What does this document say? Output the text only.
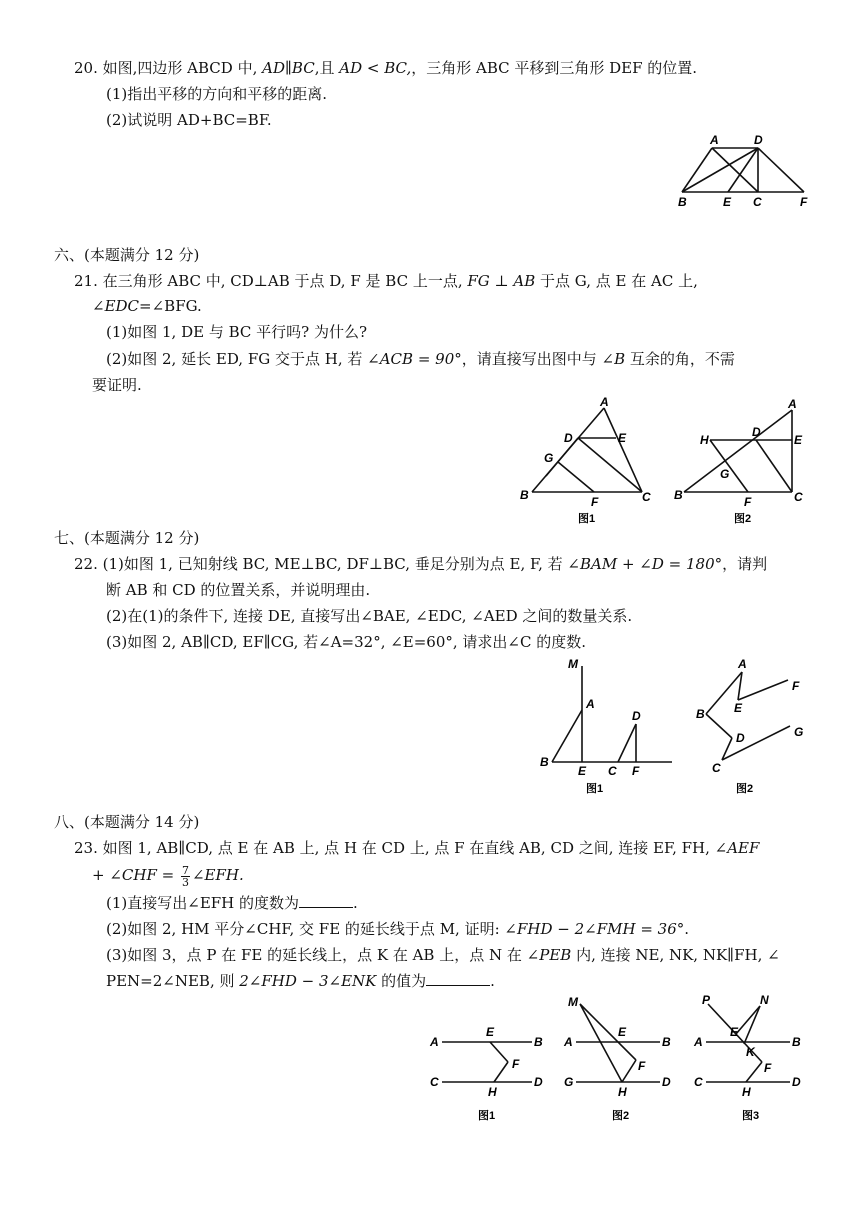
20. 如图,四边形 ABCD 中, AD∥BC,且 AD < BC,，三角形 ABC 平移到三角形 DEF 的位置.
(1)指出平移的方向和平移的距离.
(2)试说明 AD+BC=BF.
A	D
B	E C	F
六、(本题满分 12 分)
21. 在三角形 ABC 中, CD⊥AB 于点 D, F 是 BC 上一点, FG ⊥ AB 于点 G, 点 E 在 AC 上,
∠EDC=∠BFG.
(1)如图 1, DE 与 BC 平行吗? 为什么?
(2)如图 2, 延长 ED, FG 交于点 H, 若 ∠ACB = 90°，请直接写出图中与 ∠B 互余的角，不需
要证明.
A
D	E
G
B	F	C
图1
A
H
D
E
G
B	F	C
图2
七、(本题满分 12 分)
22. (1)如图 1, 已知射线 BC, ME⊥BC, DF⊥BC, 垂足分别为点 E, F, 若 ∠BAM + ∠D = 180°，请判
断 AB 和 CD 的位置关系，并说明理由.
(2)在(1)的条件下, 连接 DE, 直接写出∠BAE, ∠EDC, ∠AED 之间的数量关系.
(3)如图 2, AB∥CD, EF∥CG, 若∠A=32°, ∠E=60°, 请求出∠C 的度数.
M
A
D
B
E C F
图1
A
F
E
B
D	G
C
图2
八、(本题满分 14 分)
23. 如图 1, AB∥CD, 点 E 在 AB 上, 点 H 在 CD 上, 点 F 在直线 AB, CD 之间, 连接 EF, FH, ∠AEF
+ ∠CHF = $\frac{7}{3}$ ∠EFH.
(1)直接写出∠EFH 的度数为	.
(2)如图 2, HM 平分∠CHF, 交 FE 的延长线于点 M, 证明: ∠FHD − 2∠FMH = 36°.
(3)如图 3，点 P 在 FE 的延长线上，点 K 在 AB 上，点 N 在 ∠PEB 内, 连接 NE, NK, NK∥FH, ∠
PEN=2∠NEB, 则 2∠FHD − 3∠ENK 的值为	.
A
E
B
F
C
H
D
图1
M
A
E
B
F
G
H
D
图2
P	N
A
E
K
B
F
C
H
D
图3
